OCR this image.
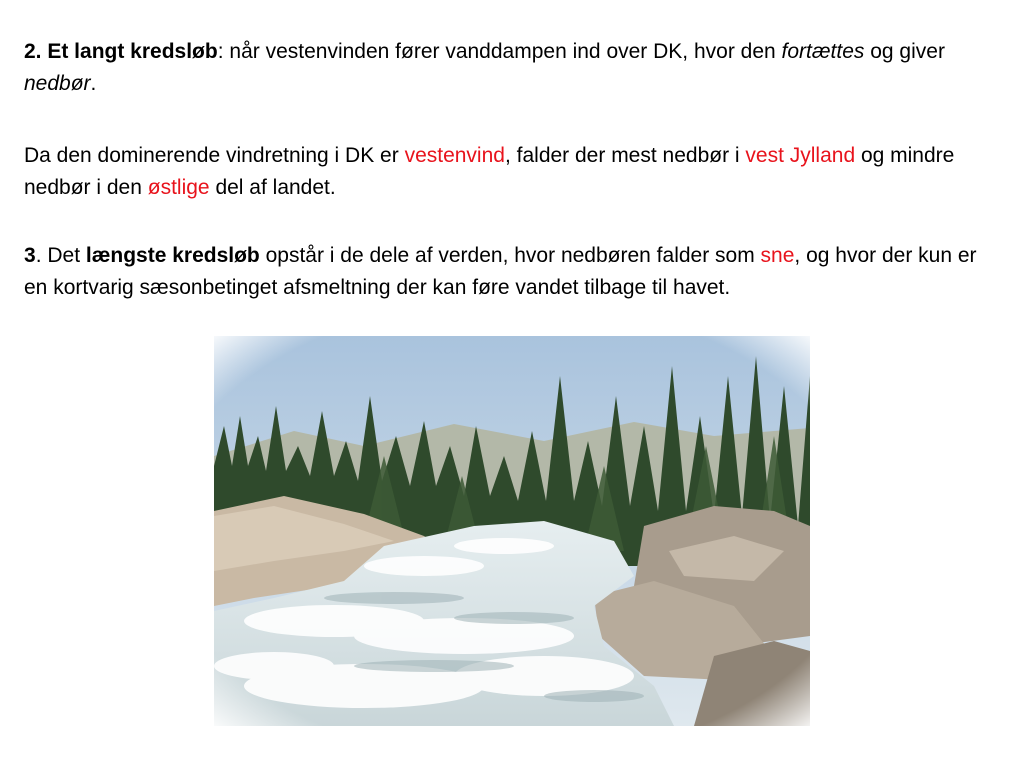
2. Et langt kredsløb: når vestenvinden fører vanddampen ind over DK, hvor den fortættes og giver nedbør.

Da den dominerende vindretning i DK er vestenvind, falder der mest nedbør i vest Jylland og mindre nedbør i den østlige del af landet.

3. Det længste kredsløb opstår i de dele af verden, hvor nedbøren falder som sne, og hvor der kun er en kortvarig sæsonbetinget afsmeltning der kan føre vandet tilbage til havet.
